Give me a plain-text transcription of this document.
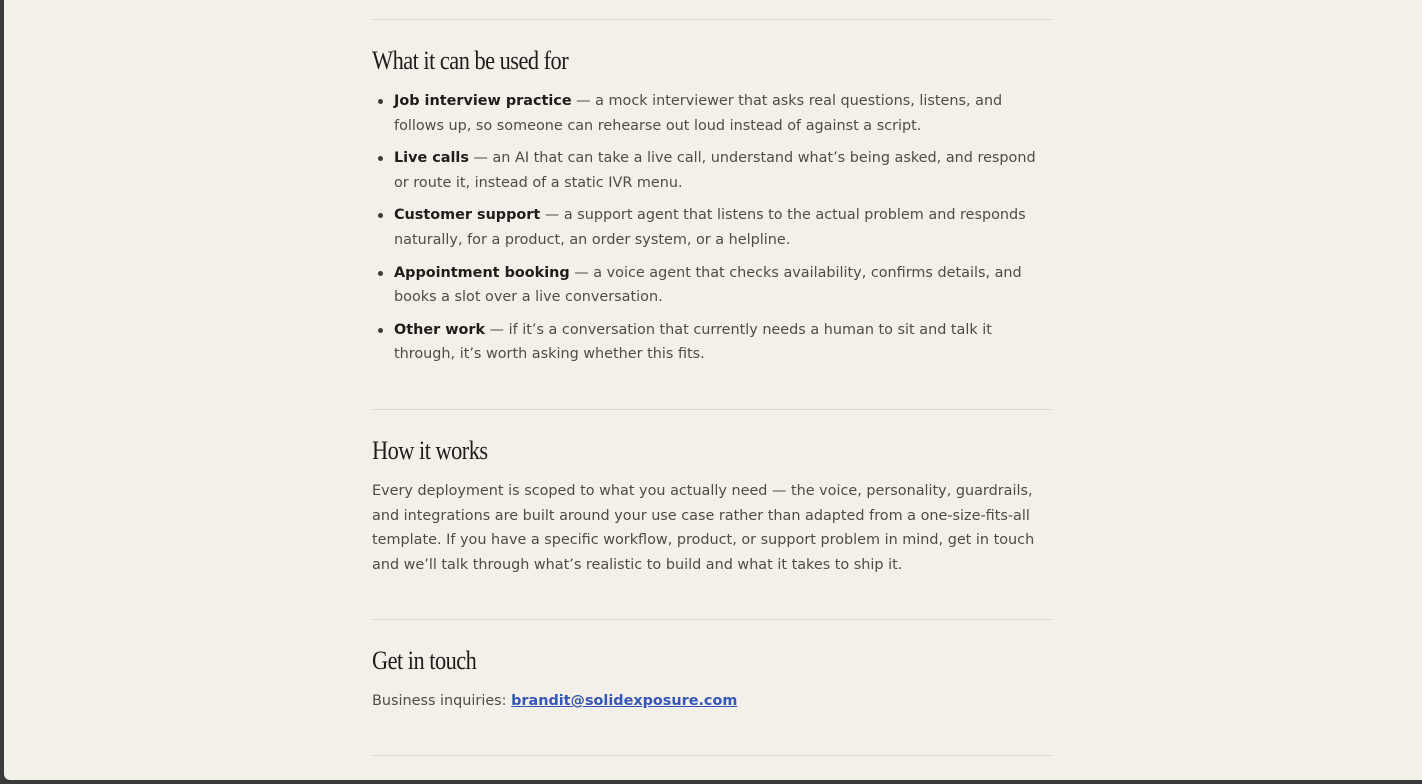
What it can be used for
Job interview practice — a mock interviewer that asks real questions, listens, and follows up, so someone can rehearse out loud instead of against a script.
Live calls — an AI that can take a live call, understand what’s being asked, and respond or route it, instead of a static IVR menu.
Customer support — a support agent that listens to the actual problem and responds naturally, for a product, an order system, or a helpline.
Appointment booking — a voice agent that checks availability, confirms details, and books a slot over a live conversation.
Other work — if it’s a conversation that currently needs a human to sit and talk it through, it’s worth asking whether this fits.
How it works

Every deployment is scoped to what you actually need — the voice, personality, guardrails, and integrations are built around your use case rather than adapted from a one-size-fits-all template. If you have a specific workflow, product, or support problem in mind, get in touch and we’ll talk through what’s realistic to build and what it takes to ship it.

Get in touch

Business inquiries: brandit@solidexposure.com
